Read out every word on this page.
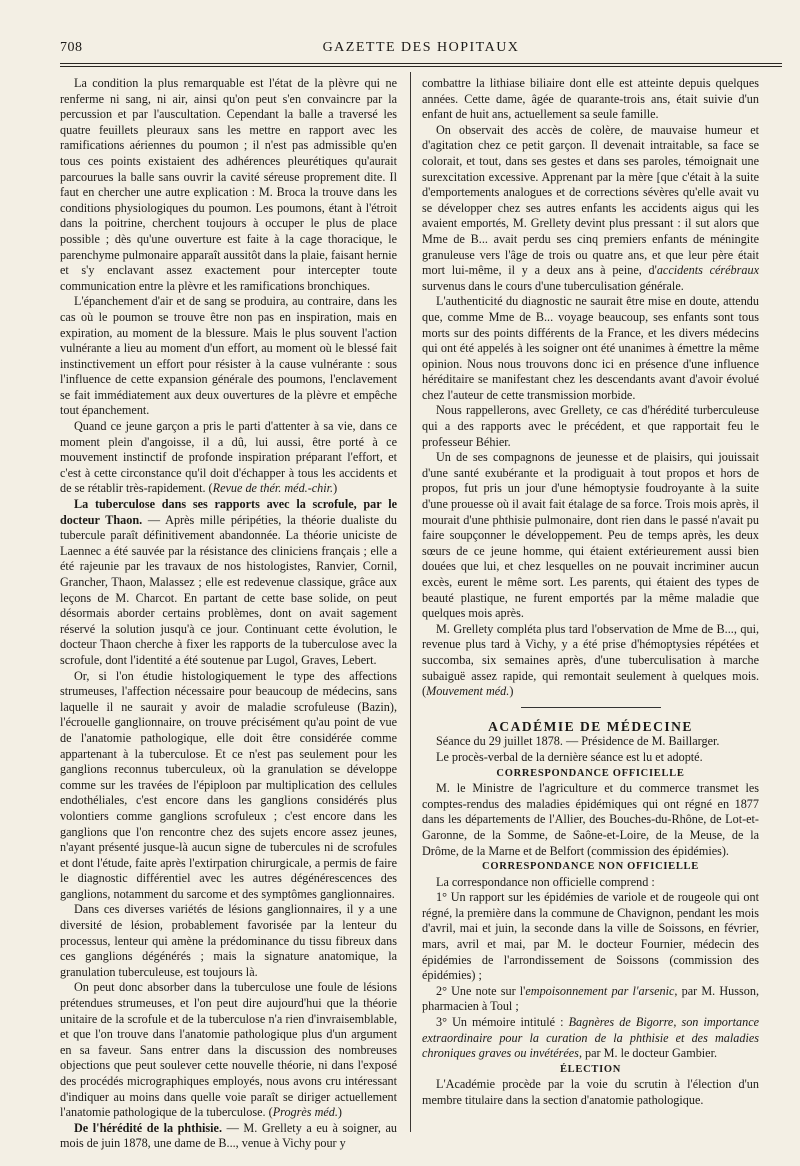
708	GAZETTE DES HOPITAUX

La condition la plus remarquable est l'état de la plèvre qui ne renferme ni sang, ni air, ainsi qu'on peut s'en convaincre par la percussion et par l'auscultation. Cependant la balle a traversé les quatre feuillets pleuraux sans les mettre en rapport avec les ramifications aériennes du poumon ; il n'est pas admissible qu'en tous ces points existaient des adhérences pleurétiques qu'aurait parcourues la balle sans ouvrir la cavité séreuse proprement dite. Il faut en chercher une autre explication : M. Broca la trouve dans les conditions physiologiques du poumon. Les poumons, étant à l'étroit dans la poitrine, cherchent toujours à occuper le plus de place possible ; dès qu'une ouverture est faite à la cage thoracique, le parenchyme pulmonaire apparaît aussitôt dans la plaie, faisant hernie et s'y enclavant assez exactement pour intercepter toute communication entre la plèvre et les ramifications bronchiques.

L'épanchement d'air et de sang se produira, au contraire, dans les cas où le poumon se trouve être non pas en inspiration, mais en expiration, au moment de la blessure. Mais le plus souvent l'action vulnérante a lieu au moment d'un effort, au moment où le blessé fait instinctivement un effort pour résister à la cause vulnérante : sous l'influence de cette expansion générale des poumons, l'enclavement se fait immédiatement aux deux ouvertures de la plèvre et empêche tout épanchement.

Quand ce jeune garçon a pris le parti d'attenter à sa vie, dans ce moment plein d'angoisse, il a dû, lui aussi, être porté à ce mouvement instinctif de profonde inspiration préparant l'effort, et c'est à cette circonstance qu'il doit d'échapper à tous les accidents et de se rétablir très-rapidement. (Revue de thér. méd.-chir.)

La tuberculose dans ses rapports avec la scrofule, par le docteur Thaon. — Après mille péripéties, la théorie dualiste du tubercule paraît définitivement abandonnée. La théorie uniciste de Laennec a été sauvée par la résistance des cliniciens français ; elle a été rajeunie par les travaux de nos histologistes, Ranvier, Cornil, Grancher, Thaon, Malassez ; elle est redevenue classique, grâce aux leçons de M. Charcot. En partant de cette base solide, on peut désormais aborder certains problèmes, dont on avait sagement réservé la solution jusqu'à ce jour. Continuant cette évolution, le docteur Thaon cherche à fixer les rapports de la tuberculose avec la scrofule, dont l'identité a été soutenue par Lugol, Graves, Lebert.

Or, si l'on étudie histologiquement le type des affections strumeuses, l'affection nécessaire pour beaucoup de médecins, sans laquelle il ne saurait y avoir de maladie scrofuleuse (Bazin), l'écrouelle ganglionnaire, on trouve précisément qu'au point de vue de l'anatomie pathologique, elle doit être considérée comme appartenant à la tuberculose. Et ce n'est pas seulement pour les ganglions reconnus tuberculeux, où la granulation se développe comme sur les travées de l'épiploon par multiplication des cellules endothéliales, c'est encore dans les ganglions considérés plus volontiers comme ganglions scrofuleux ; c'est encore dans les ganglions que l'on rencontre chez des sujets encore assez jeunes, n'ayant présenté jusque-là aucun signe de tubercules ni de scrofules et dont l'étude, faite après l'extirpation chirurgicale, a permis de faire le diagnostic différentiel avec les autres dégénérescences des ganglions, notamment du sarcome et des symptômes ganglionnaires.

Dans ces diverses variétés de lésions ganglionnaires, il y a une diversité de lésion, probablement favorisée par la lenteur du processus, lenteur qui amène la prédominance du tissu fibreux dans ces ganglions dégénérés ; mais la signature anatomique, la granulation tuberculeuse, est toujours là.

On peut donc absorber dans la tuberculose une foule de lésions prétendues strumeuses, et l'on peut dire aujourd'hui que la théorie unitaire de la scrofule et de la tuberculose n'a rien d'invraisemblable, et que l'on trouve dans l'anatomie pathologique plus d'un argument en sa faveur. Sans entrer dans la discussion des nombreuses objections que peut soulever cette nouvelle théorie, ni dans l'exposé des procédés micrographiques employés, nous avons cru intéressant d'indiquer au moins dans quelle voie paraît se diriger actuellement l'anatomie pathologique de la tuberculose. (Progrès méd.)

De l'hérédité de la phthisie. — M. Grellety a eu à soigner, au mois de juin 1878, une dame de B..., venue à Vichy pour y

combattre la lithiase biliaire dont elle est atteinte depuis quelques années. Cette dame, âgée de quarante-trois ans, était suivie d'un enfant de huit ans, actuellement sa seule famille.

On observait des accès de colère, de mauvaise humeur et d'agitation chez ce petit garçon. Il devenait intraitable, sa face se colorait, et tout, dans ses gestes et dans ses paroles, témoignait une surexcitation excessive. Apprenant par la mère [que c'était à la suite d'emportements analogues et de corrections sévères qu'elle avait vu se développer chez ses autres enfants les accidents aigus qui les avaient emportés, M. Grellety devint plus pressant : il sut alors que Mme de B... avait perdu ses cinq premiers enfants de méningite granuleuse vers l'âge de trois ou quatre ans, et que leur père était mort lui-même, il y a deux ans à peine, d'accidents cérébraux survenus dans le cours d'une tuberculisation générale.

L'authenticité du diagnostic ne saurait être mise en doute, attendu que, comme Mme de B... voyage beaucoup, ses enfants sont tous morts sur des points différents de la France, et les divers médecins qui ont été appelés à les soigner ont été unanimes à émettre la même opinion. Nous nous trouvons donc ici en présence d'une influence héréditaire se manifestant chez les descendants avant d'avoir évolué chez l'auteur de cette transmission morbide.

Nous rappellerons, avec Grellety, ce cas d'hérédité turberculeuse qui a des rapports avec le précédent, et que rapportait feu le professeur Béhier.

Un de ses compagnons de jeunesse et de plaisirs, qui jouissait d'une santé exubérante et la prodiguait à tout propos et hors de propos, fut pris un jour d'une hémoptysie foudroyante à la suite d'une prouesse où il avait fait étalage de sa force. Trois mois après, il mourait d'une phthisie pulmonaire, dont rien dans le passé n'avait pu faire soupçonner le développement. Peu de temps après, les deux sœurs de ce jeune homme, qui étaient extérieurement aussi bien douées que lui, et chez lesquelles on ne pouvait incriminer aucun excès, eurent le même sort. Les parents, qui étaient des types de beauté plastique, ne furent emportés par la même maladie que quelques mois après.

M. Grellety compléta plus tard l'observation de Mme de B..., qui, revenue plus tard à Vichy, y a été prise d'hémoptysies répétées et succomba, six semaines après, d'une tuberculisation à marche subaiguë assez rapide, qui remontait seulement à quelques mois. (Mouvement méd.)

ACADÉMIE DE MÉDECINE

Séance du 29 juillet 1878. — Présidence de M. Baillarger.

Le procès-verbal de la dernière séance est lu et adopté.

CORRESPONDANCE OFFICIELLE

M. le Ministre de l'agriculture et du commerce transmet les comptes-rendus des maladies épidémiques qui ont régné en 1877 dans les départements de l'Allier, des Bouches-du-Rhône, de Lot-et-Garonne, de la Somme, de Saône-et-Loire, de la Meuse, de la Drôme, de la Marne et de Belfort (commission des épidémies).

CORRESPONDANCE NON OFFICIELLE

La correspondance non officielle comprend :

1° Un rapport sur les épidémies de variole et de rougeole qui ont régné, la première dans la commune de Chavignon, pendant les mois d'avril, mai et juin, la seconde dans la ville de Soissons, en février, mars, avril et mai, par M. le docteur Fournier, médecin des épidémies de l'arrondissement de Soissons (commission des épidémies) ;

2° Une note sur l'empoisonnement par l'arsenic, par M. Husson, pharmacien à Toul ;

3° Un mémoire intitulé : Bagnères de Bigorre, son importance extraordinaire pour la curation de la phthisie et des maladies chroniques graves ou invétérées, par M. le docteur Gambier.

ÉLECTION

L'Académie procède par la voie du scrutin à l'élection d'un membre titulaire dans la section d'anatomie pathologique.
